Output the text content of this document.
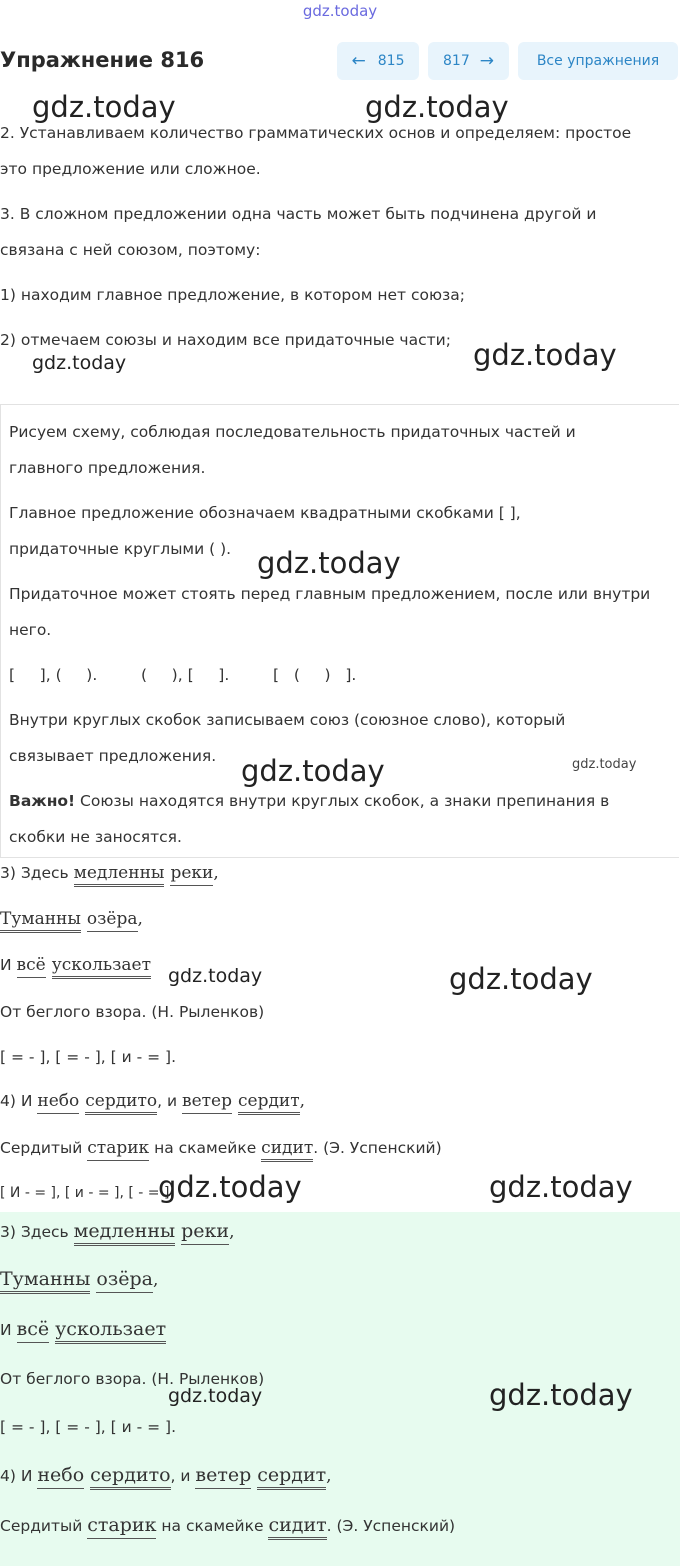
gdz.today
Упражнение 816	← 815	817 →	Все упражнения
2. Устанавливаем количество грамматических основ и определяем: простое
это предложение или сложное.
3. В сложном предложении одна часть может быть подчинена другой и
связана с ней союзом, поэтому:
1) находим главное предложение, в котором нет союза;
2) отмечаем союзы и находим все придаточные части;
Рисуем схему, соблюдая последовательность придаточных частей и
главного предложения.
Главное предложение обозначаем квадратными скобками [ ],
придаточные круглыми ( ).
Придаточное может стоять перед главным предложением, после или внутри
него.
[     ], (     ).	(     ), [     ].	[   (     )   ].
Внутри круглых скобок записываем союз (союзное слово), который
связывает предложения.
Важно! Союзы находятся внутри круглых скобок, а знаки препинания в
скобки не заносятся.
3) Здесь медленны реки,
Туманны озёра,
И всё ускользает
От беглого взора. (Н. Рыленков)
[ = - ], [ = - ], [ и - = ].
4) И небо сердито, и ветер сердит,
Сердитый старик на скамейке сидит. (Э. Успенский)
[ И - = ], [ и - = ], [ - = ].
3) Здесь медленны реки,
Туманны озёра,
И всё ускользает
От беглого взора. (Н. Рыленков)
[ = - ], [ = - ], [ и - = ].
4) И небо сердито, и ветер сердит,
Сердитый старик на скамейке сидит. (Э. Успенский)
gdz.today	gdz.today
gdz.today	gdz.today
gdz.today
gdz.today	gdz.today
gdz.today	gdz.today
gdz.today	gdz.today
gdz.today	gdz.today
